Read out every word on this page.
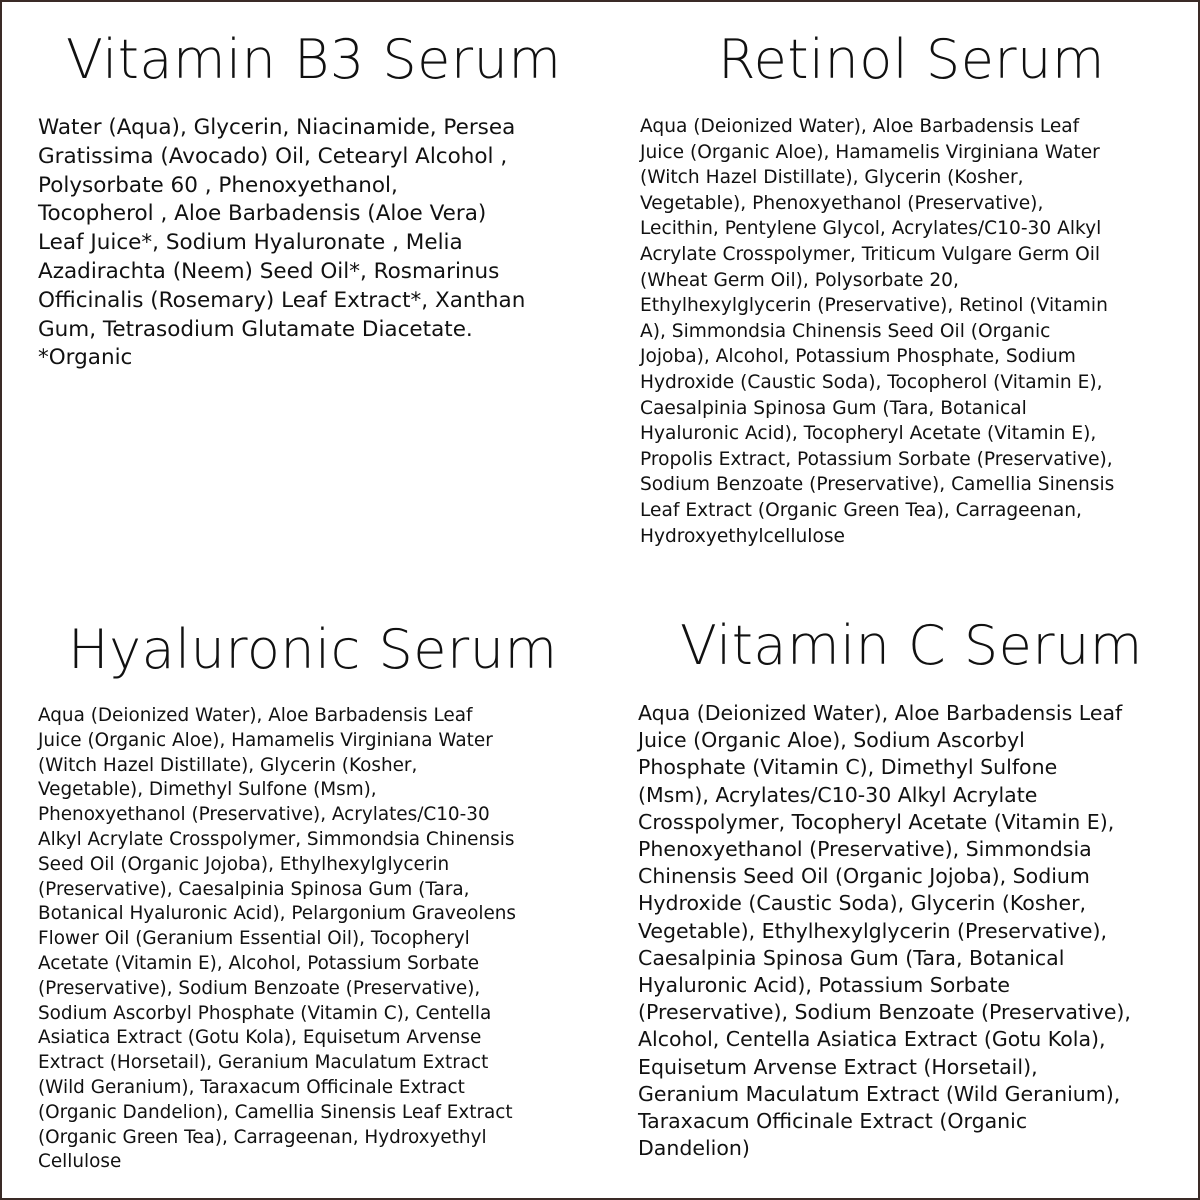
Vitamin B3 Serum

Water (Aqua), Glycerin, Niacinamide, Persea
Gratissima (Avocado) Oil, Cetearyl Alcohol ,
Polysorbate 60 , Phenoxyethanol,
Tocopherol , Aloe Barbadensis (Aloe Vera)
Leaf Juice*, Sodium Hyaluronate , Melia
Azadirachta (Neem) Seed Oil*, Rosmarinus
Officinalis (Rosemary) Leaf Extract*, Xanthan
Gum, Tetrasodium Glutamate Diacetate.
*Organic

Retinol Serum

Aqua (Deionized Water), Aloe Barbadensis Leaf
Juice (Organic Aloe), Hamamelis Virginiana Water
(Witch Hazel Distillate), Glycerin (Kosher,
Vegetable), Phenoxyethanol (Preservative),
Lecithin, Pentylene Glycol, Acrylates/C10-30 Alkyl
Acrylate Crosspolymer, Triticum Vulgare Germ Oil
(Wheat Germ Oil), Polysorbate 20,
Ethylhexylglycerin (Preservative), Retinol (Vitamin
A), Simmondsia Chinensis Seed Oil (Organic
Jojoba), Alcohol, Potassium Phosphate, Sodium
Hydroxide (Caustic Soda), Tocopherol (Vitamin E),
Caesalpinia Spinosa Gum (Tara, Botanical
Hyaluronic Acid), Tocopheryl Acetate (Vitamin E),
Propolis Extract, Potassium Sorbate (Preservative),
Sodium Benzoate (Preservative), Camellia Sinensis
Leaf Extract (Organic Green Tea), Carrageenan,
Hydroxyethylcellulose

Hyaluronic Serum

Aqua (Deionized Water), Aloe Barbadensis Leaf
Juice (Organic Aloe), Hamamelis Virginiana Water
(Witch Hazel Distillate), Glycerin (Kosher,
Vegetable), Dimethyl Sulfone (Msm),
Phenoxyethanol (Preservative), Acrylates/C10-30
Alkyl Acrylate Crosspolymer, Simmondsia Chinensis
Seed Oil (Organic Jojoba), Ethylhexylglycerin
(Preservative), Caesalpinia Spinosa Gum (Tara,
Botanical Hyaluronic Acid), Pelargonium Graveolens
Flower Oil (Geranium Essential Oil), Tocopheryl
Acetate (Vitamin E), Alcohol, Potassium Sorbate
(Preservative), Sodium Benzoate (Preservative),
Sodium Ascorbyl Phosphate (Vitamin C), Centella
Asiatica Extract (Gotu Kola), Equisetum Arvense
Extract (Horsetail), Geranium Maculatum Extract
(Wild Geranium), Taraxacum Officinale Extract
(Organic Dandelion), Camellia Sinensis Leaf Extract
(Organic Green Tea), Carrageenan, Hydroxyethyl
Cellulose

Vitamin C Serum

Aqua (Deionized Water), Aloe Barbadensis Leaf
Juice (Organic Aloe), Sodium Ascorbyl
Phosphate (Vitamin C), Dimethyl Sulfone
(Msm), Acrylates/C10-30 Alkyl Acrylate
Crosspolymer, Tocopheryl Acetate (Vitamin E),
Phenoxyethanol (Preservative), Simmondsia
Chinensis Seed Oil (Organic Jojoba), Sodium
Hydroxide (Caustic Soda), Glycerin (Kosher,
Vegetable), Ethylhexylglycerin (Preservative),
Caesalpinia Spinosa Gum (Tara, Botanical
Hyaluronic Acid), Potassium Sorbate
(Preservative), Sodium Benzoate (Preservative),
Alcohol, Centella Asiatica Extract (Gotu Kola),
Equisetum Arvense Extract (Horsetail),
Geranium Maculatum Extract (Wild Geranium),
Taraxacum Officinale Extract (Organic
Dandelion)
